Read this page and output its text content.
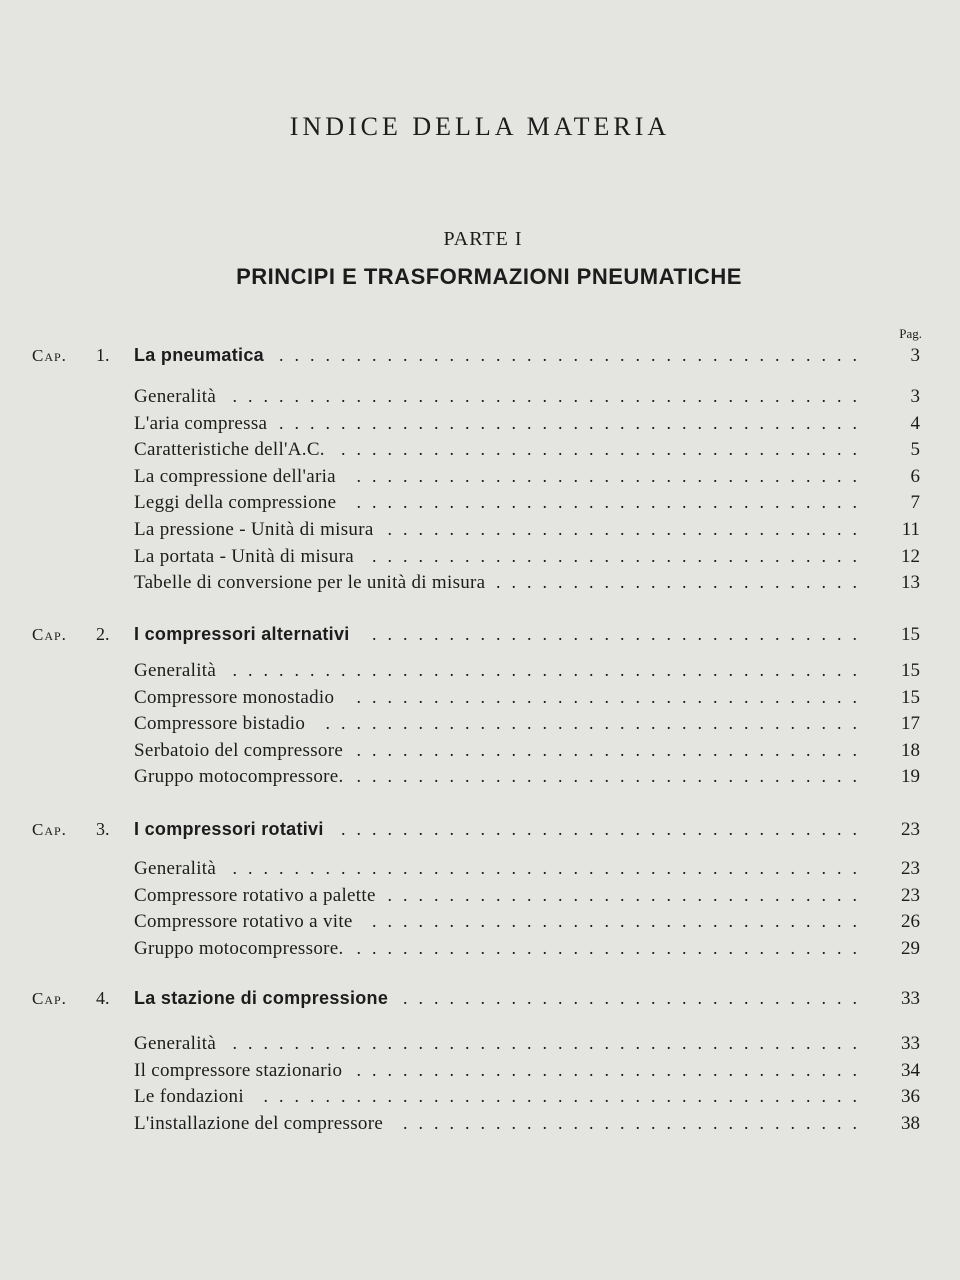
INDICE DELLA MATERIA
PARTE I
PRINCIPI E TRASFORMAZIONI PNEUMATICHE
Pag.
Cap.	1.	La pneumatica ......................................	3
Generalità .........................................	3
L'aria compressa ......................................	4
Caratteristiche dell'A.C. ..................................	5
La compressione dell'aria	.................................	6
Leggi della compressione	.................................	7
La pressione - Unità di misura ...............................	11
La portata - Unità di misura	................................	12
Tabelle di conversione per le unità di misura ........................	13
Cap.	2.	I compressori alternativi	................................	15
Generalità .........................................	15
Compressore monostadio	.................................	15
Compressore bistadio	...................................	17
Serbatoio del compressore .................................	18
Gruppo motocompressore. .................................	19
Cap.	3.	I compressori rotativi ..................................	23
Generalità .........................................	23
Compressore rotativo a palette ...............................	23
Compressore rotativo a vite	................................	26
Gruppo motocompressore. .................................	29
Cap.	4.	La stazione di compressione ..............................	33
Generalità .........................................	33
Il compressore stazionario .................................	34
Le fondazioni	.......................................	36
L'installazione del compressore	..............................	38
